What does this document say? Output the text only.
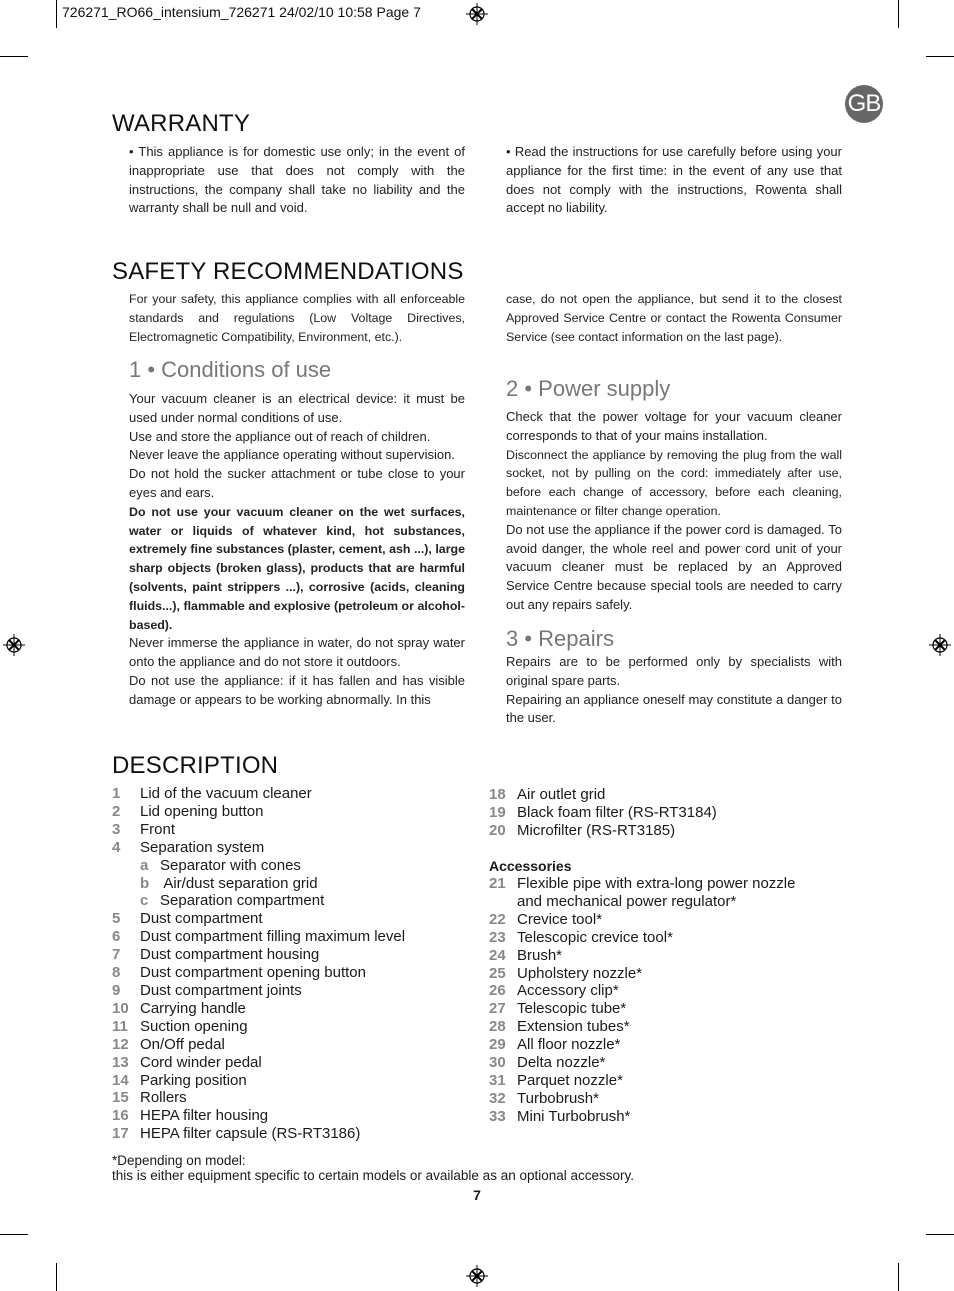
726271_RO66_intensium_726271 24/02/10 10:58 Page 7
GB
WARRANTY

• This appliance is for domestic use only; in the event of inappropriate use that does not comply with the instructions, the company shall take no liability and the warranty shall be null and void.

• Read the instructions for use carefully before using your appliance for the first time: in the event of any use that does not comply with the instructions, Rowenta shall accept no liability.

SAFETY RECOMMENDATIONS

For your safety, this appliance complies with all enforceable standards and regulations (Low Voltage Directives, Electromagnetic Compatibility, Environment, etc.).

1 • Conditions of use

Your vacuum cleaner is an electrical device: it must be used under normal conditions of use.

Use and store the appliance out of reach of children.

Never leave the appliance operating without supervision.

Do not hold the sucker attachment or tube close to your eyes and ears.

Do not use your vacuum cleaner on the wet surfaces, water or liquids of whatever kind, hot substances, extremely fine substances (plaster, cement, ash ...), large sharp objects (broken glass), products that are harmful (solvents, paint strippers ...), corrosive (acids, cleaning fluids...), flammable and explosive (petroleum or alcohol-based).

Never immerse the appliance in water, do not spray water onto the appliance and do not store it outdoors.

Do not use the appliance: if it has fallen and has visible damage or appears to be working abnormally. In this

case, do not open the appliance, but send it to the closest Approved Service Centre or contact the Rowenta Consumer Service (see contact information on the last page).

2 • Power supply

Check that the power voltage for your vacuum cleaner corresponds to that of your mains installation.

Disconnect the appliance by removing the plug from the wall socket, not by pulling on the cord: immediately after use, before each change of accessory, before each cleaning, maintenance or filter change operation.

Do not use the appliance if the power cord is damaged. To avoid danger, the whole reel and power cord unit of your vacuum cleaner must be replaced by an Approved Service Centre because special tools are needed to carry out any repairs safely.

3 • Repairs

Repairs are to be performed only by specialists with original spare parts.

Repairing an appliance oneself may constitute a danger to the user.

DESCRIPTION
1	Lid of the vacuum cleaner
2	Lid opening button
3	Front
4	Separation system
a Separator with cones
b Air/dust separation grid
c Separation compartment
5	Dust compartment
6	Dust compartment filling maximum level
7	Dust compartment housing
8	Dust compartment opening button
9	Dust compartment joints
10 Carrying handle
11 Suction opening
12 On/Off pedal
13 Cord winder pedal
14 Parking position
15 Rollers
16 HEPA filter housing
17 HEPA filter capsule (RS-RT3186)
18 Air outlet grid
19 Black foam filter (RS-RT3184)
20 Microfilter (RS-RT3185)
Accessories
21 Flexible pipe with extra-long power nozzle
and mechanical power regulator*
22 Crevice tool*
23 Telescopic crevice tool*
24 Brush*
25 Upholstery nozzle*
26 Accessory clip*
27 Telescopic tube*
28 Extension tubes*
29 All floor nozzle*
30 Delta nozzle*
31 Parquet nozzle*
32 Turbobrush*
33 Mini Turbobrush*
*Depending on model:
this is either equipment specific to certain models or available as an optional accessory.
7
